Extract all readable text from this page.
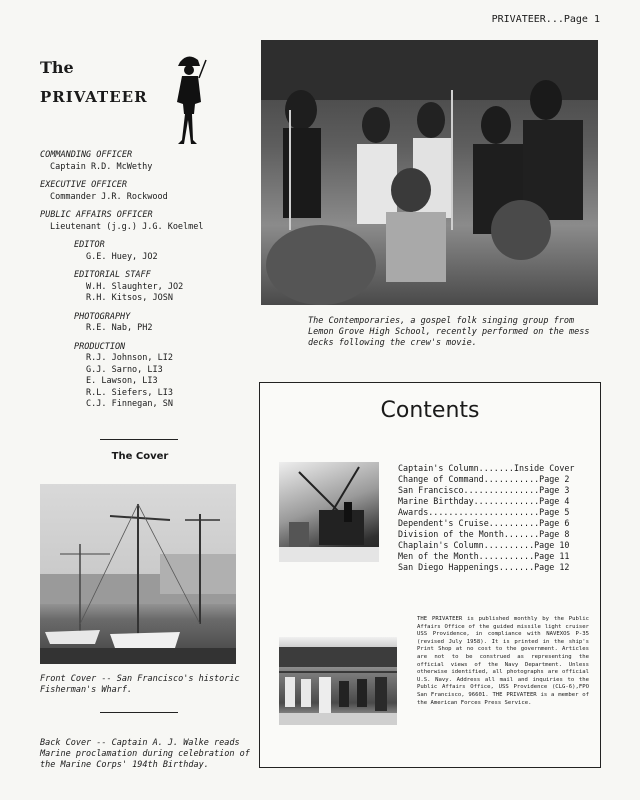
PRIVATEER...Page 1
The
PRIVATEER
COMMANDING OFFICER
Captain R.D. McWethy
EXECUTIVE OFFICER
Commander J.R. Rockwood
PUBLIC AFFAIRS OFFICER
Lieutenant (j.g.) J.G. Koelmel
EDITOR
G.E. Huey, JO2
EDITORIAL STAFF
W.H. Slaughter, JO2
R.H. Kitsos, JOSN
PHOTOGRAPHY
R.E. Nab, PH2
PRODUCTION
R.J. Johnson, LI2
G.J. Sarno, LI3
E. Lawson, LI3
R.L. Siefers, LI3
C.J. Finnegan, SN
The Contemporaries, a gospel folk singing group from Lemon Grove High School, recently performed on the mess decks following the crew's movie.
The Cover
Front Cover -- San Francisco's historic Fisherman's Wharf.
Back Cover -- Captain A. J. Walke reads Marine proclamation during celebration of the Marine Corps' 194th Birthday.
Contents
Captain's Column.......Inside Cover
Change of Command...........Page 2
San Francisco...............Page 3
Marine Birthday.............Page 4
Awards......................Page 5
Dependent's Cruise..........Page 6
Division of the Month.......Page 8
Chaplain's Column..........Page 10
Men of the Month...........Page 11
San Diego Happenings.......Page 12
THE PRIVATEER is published monthly by the Public Affairs Office of the guided missile light cruiser USS Providence, in compliance with NAVEXOS P-35 (revised July 1958). It is printed in the ship's Print Shop at no cost to the government. Articles are not to be construed as representing the official views of the Navy Department. Unless otherwise identified, all photographs are official U.S. Navy. Address all mail and inquiries to the Public Affairs Office, USS Providence (CLG-6),FPO San Francisco, 96601. THE PRIVATEER is a member of the American Forces Press Service.
